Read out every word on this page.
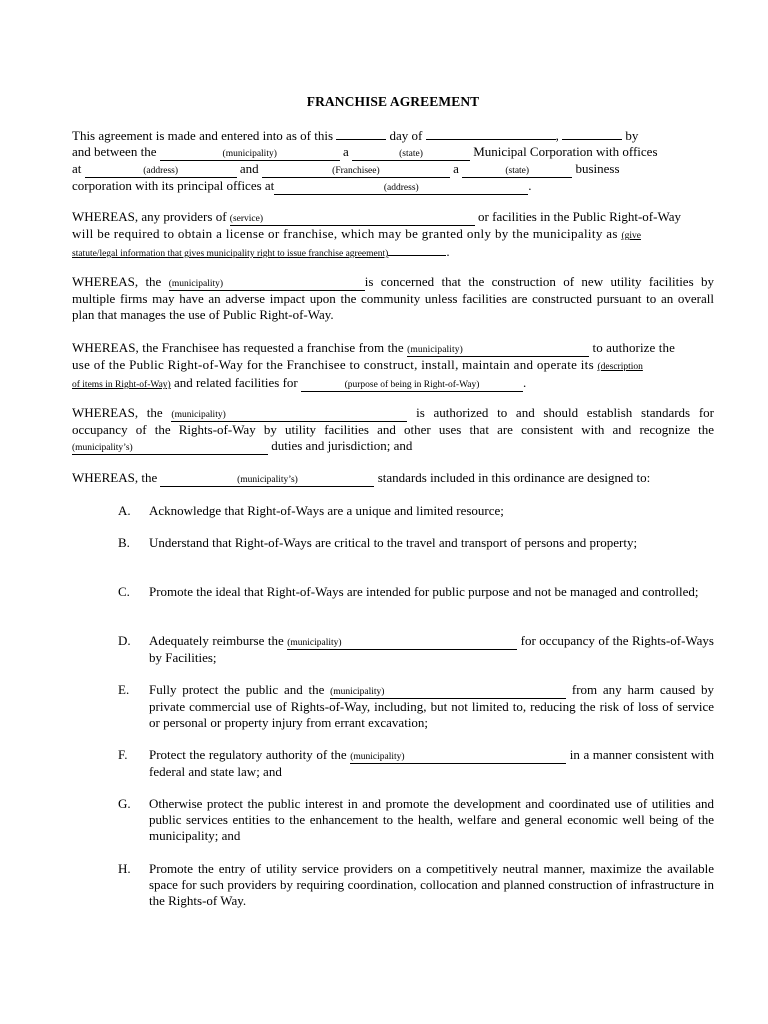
FRANCHISE AGREEMENT
This agreement is made and entered into as of this	day of	,	by
and between the	(municipality)	a	(state)	Municipal Corporation with offices
at	(address)	and	(Franchisee)	a	(state)	business
corporation with its principal offices at	(address)	.
WHEREAS, any providers of (service)	or facilities in the Public Right-of-Way
will be required to obtain a license or franchise, which may be granted only by the municipality as (give
statute/legal information that gives municipality right to issue franchise agreement)	.
WHEREAS, the (municipality)	is concerned that the construction of new utility facilities by multiple firms may have an adverse impact upon the community unless facilities are constructed pursuant to an overall plan that manages the use of Public Right-of-Way.
WHEREAS, the Franchisee has requested a franchise from the (municipality)	to authorize the
use of the Public Right-of-Way for the Franchisee to construct, install, maintain and operate its (description
of items in Right-of-Way) and related facilities for	(purpose of being in Right-of-Way)	.
WHEREAS, the (municipality)	is authorized to and should establish standards for occupancy of the Rights-of-Way by utility facilities and other uses that are consistent with and recognize the (municipality’s)	duties and jurisdiction; and
WHEREAS, the	(municipality’s)	standards included in this ordinance are designed to:
A. Acknowledge that Right-of-Ways are a unique and limited resource;
B. Understand that Right-of-Ways are critical to the travel and transport of persons and property;
C. Promote the ideal that Right-of-Ways are intended for public purpose and not be managed and controlled;
D. Adequately reimburse the (municipality)	for occupancy of the Rights-of-Ways by Facilities;
E. Fully protect the public and the (municipality)	from any harm caused by private commercial use of Rights-of-Way, including, but not limited to, reducing the risk of loss of service or personal or property injury from errant excavation;
F. Protect the regulatory authority of the (municipality)	in a manner consistent with federal and state law; and
G. Otherwise protect the public interest in and promote the development and coordinated use of utilities and public services entities to the enhancement to the health, welfare and general economic well being of the municipality; and
H. Promote the entry of utility service providers on a competitively neutral manner, maximize the available space for such providers by requiring coordination, collocation and planned construction of infrastructure in the Rights-of Way.
